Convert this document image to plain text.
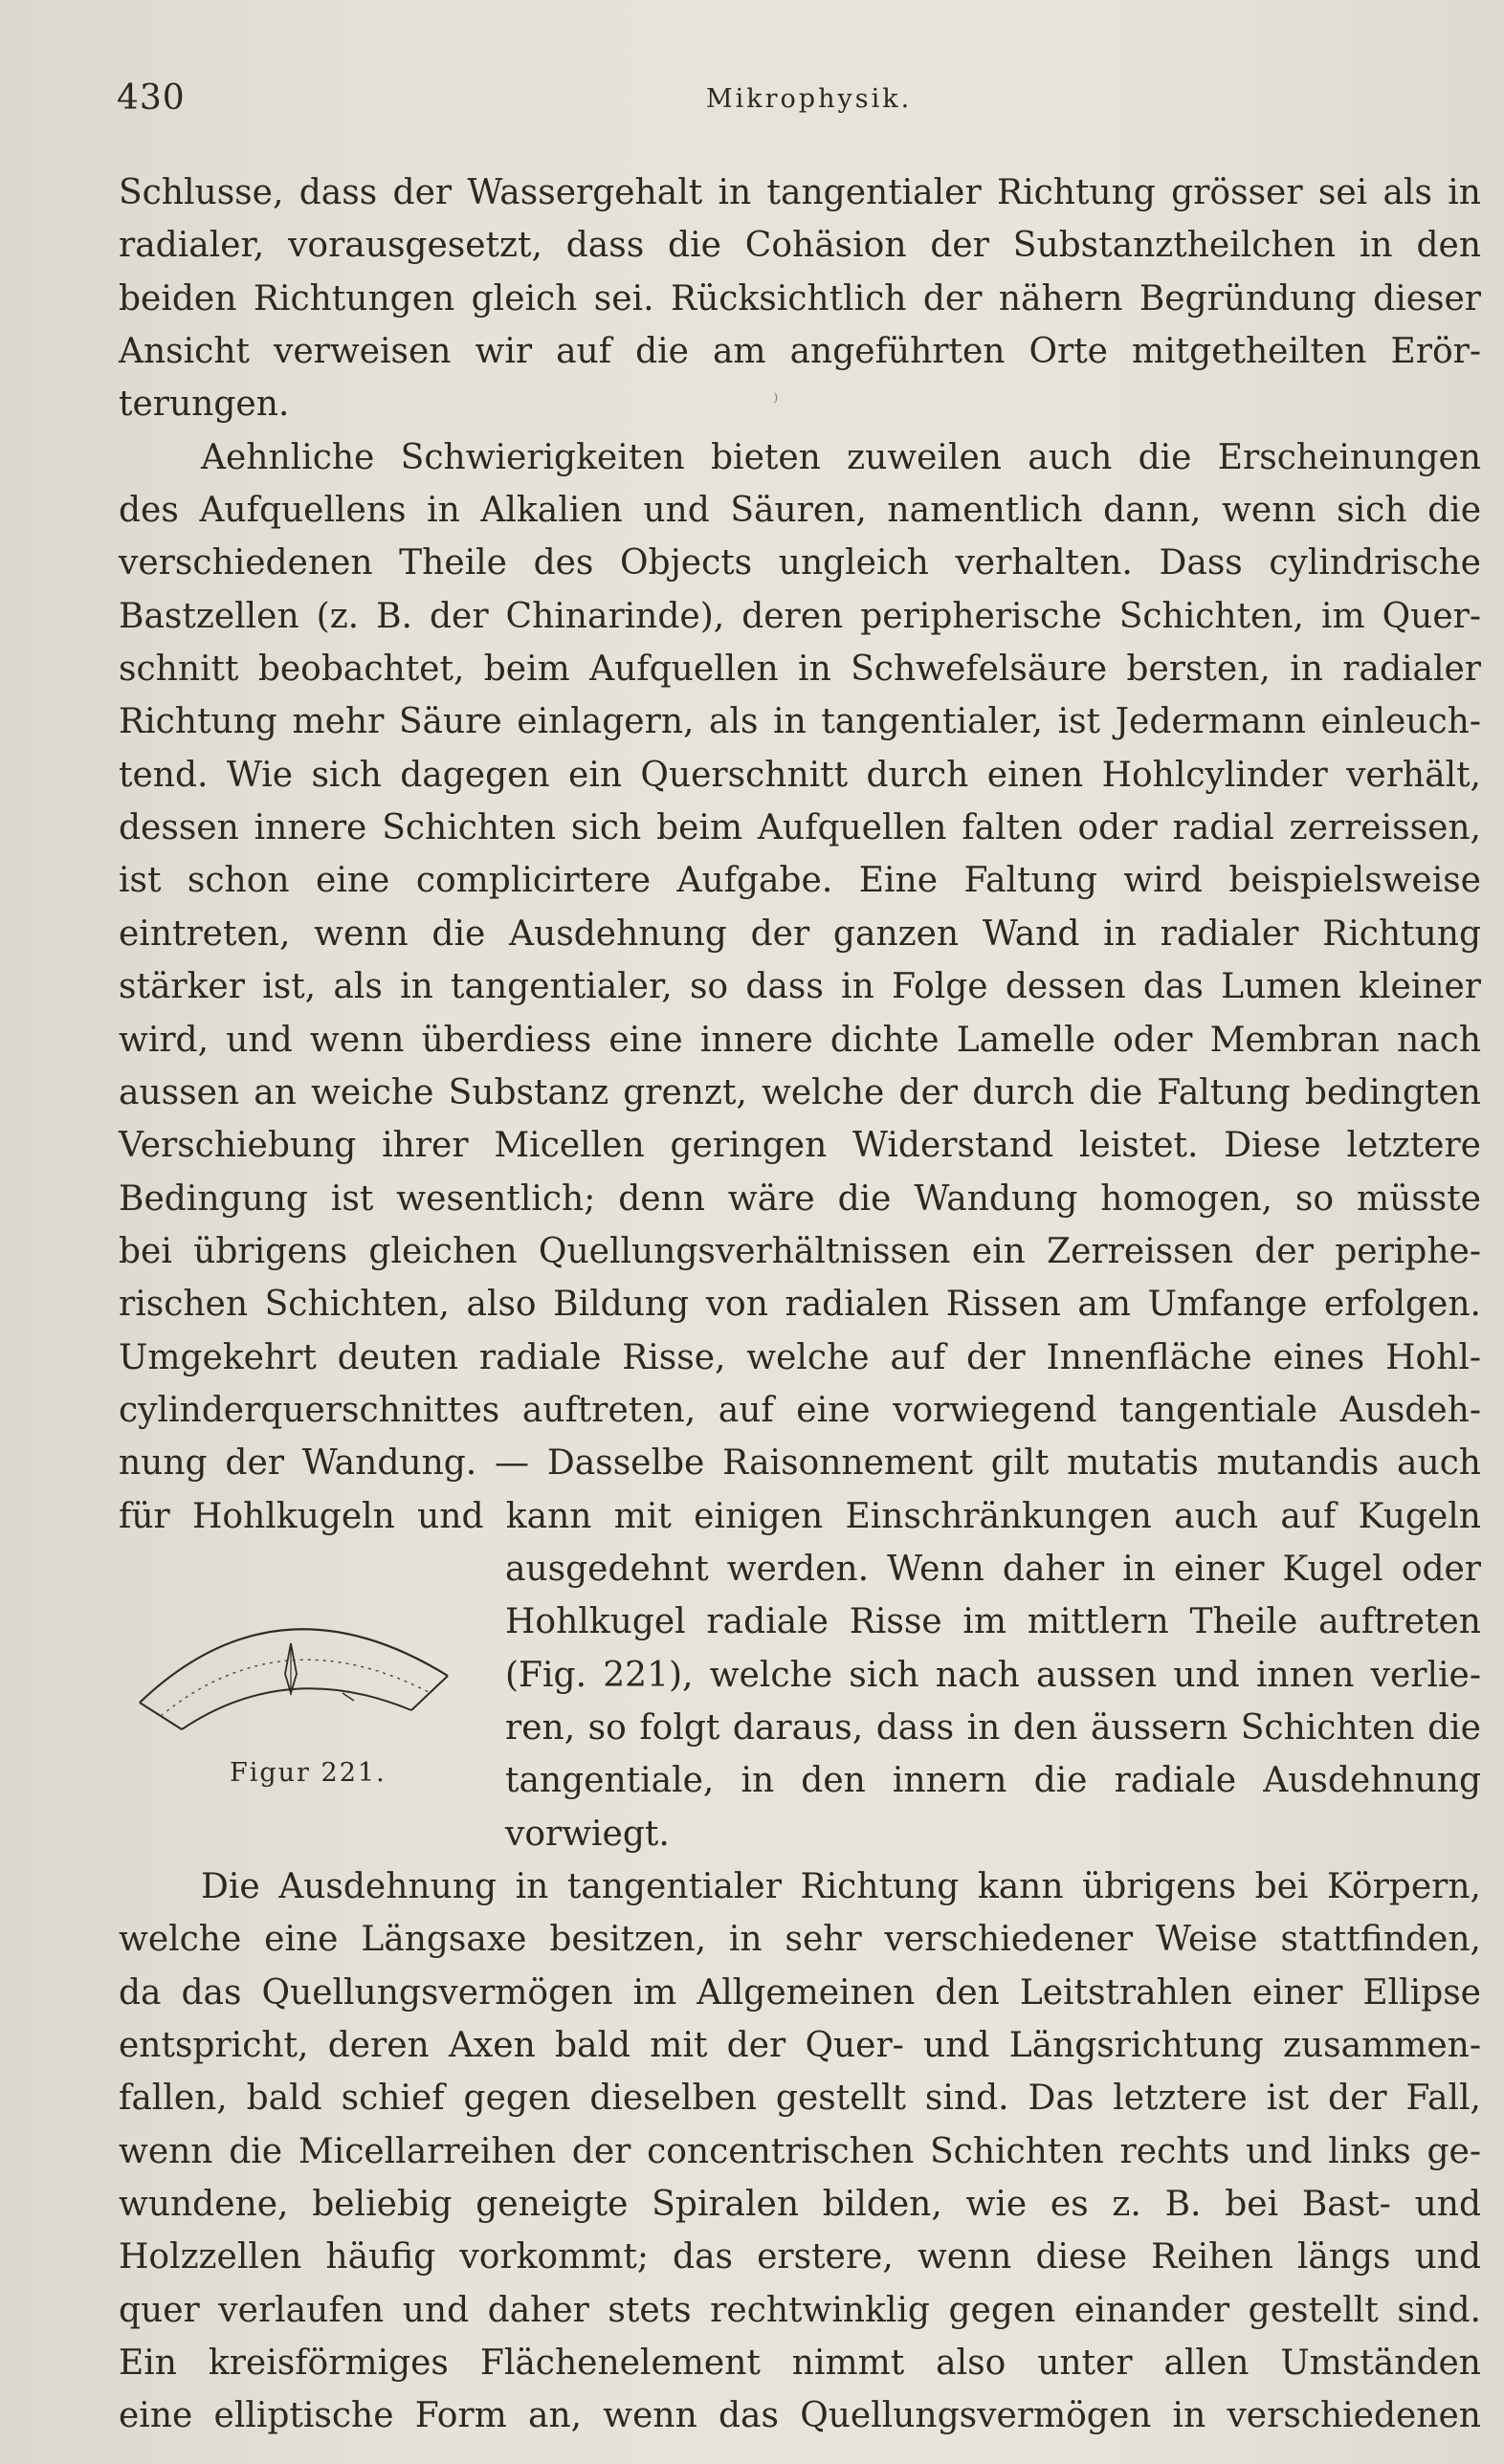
430	Mikrophysik.
⁾
Schlusse, dass der Wassergehalt in tangentialer Richtung grösser sei als in
radialer, vorausgesetzt, dass die Cohäsion der Substanztheilchen in den
beiden Richtungen gleich sei. Rücksichtlich der nähern Begründung dieser
Ansicht verweisen wir auf die am angeführten Orte mitgetheilten Erör-
terungen.
Aehnliche Schwierigkeiten bieten zuweilen auch die Erscheinungen
des Aufquellens in Alkalien und Säuren, namentlich dann, wenn sich die
verschiedenen Theile des Objects ungleich verhalten. Dass cylindrische
Bastzellen (z. B. der Chinarinde), deren peripherische Schichten, im Quer-
schnitt beobachtet, beim Aufquellen in Schwefelsäure bersten, in radialer
Richtung mehr Säure einlagern, als in tangentialer, ist Jedermann einleuch-
tend. Wie sich dagegen ein Querschnitt durch einen Hohlcylinder verhält,
dessen innere Schichten sich beim Aufquellen falten oder radial zerreissen,
ist schon eine complicirtere Aufgabe. Eine Faltung wird beispielsweise
eintreten, wenn die Ausdehnung der ganzen Wand in radialer Richtung
stärker ist, als in tangentialer, so dass in Folge dessen das Lumen kleiner
wird, und wenn überdiess eine innere dichte Lamelle oder Membran nach
aussen an weiche Substanz grenzt, welche der durch die Faltung bedingten
Verschiebung ihrer Micellen geringen Widerstand leistet. Diese letztere
Bedingung ist wesentlich; denn wäre die Wandung homogen, so müsste
bei übrigens gleichen Quellungsverhältnissen ein Zerreissen der periphe-
rischen Schichten, also Bildung von radialen Rissen am Umfange erfolgen.
Umgekehrt deuten radiale Risse, welche auf der Innenfläche eines Hohl-
cylinderquerschnittes auftreten, auf eine vorwiegend tangentiale Ausdeh-
nung der Wandung. — Dasselbe Raisonnement gilt mutatis mutandis auch
für Hohlkugeln und kann mit einigen Einschränkungen auch auf Kugeln
ausgedehnt werden. Wenn daher in einer Kugel oder
Hohlkugel radiale Risse im mittlern Theile auftreten
(Fig. 221), welche sich nach aussen und innen verlie-
ren, so folgt daraus, dass in den äussern Schichten die
tangentiale, in den innern die radiale Ausdehnung
vorwiegt.
Die Ausdehnung in tangentialer Richtung kann übrigens bei Körpern,
welche eine Längsaxe besitzen, in sehr verschiedener Weise stattfinden,
da das Quellungsvermögen im Allgemeinen den Leitstrahlen einer Ellipse
entspricht, deren Axen bald mit der Quer- und Längsrichtung zusammen-
fallen, bald schief gegen dieselben gestellt sind. Das letztere ist der Fall,
wenn die Micellarreihen der concentrischen Schichten rechts und links ge-
wundene, beliebig geneigte Spiralen bilden, wie es z. B. bei Bast- und
Holzzellen häufig vorkommt; das erstere, wenn diese Reihen längs und
quer verlaufen und daher stets rechtwinklig gegen einander gestellt sind.
Ein kreisförmiges Flächenelement nimmt also unter allen Umständen
eine elliptische Form an, wenn das Quellungsvermögen in verschiedenen
Figur 221.
